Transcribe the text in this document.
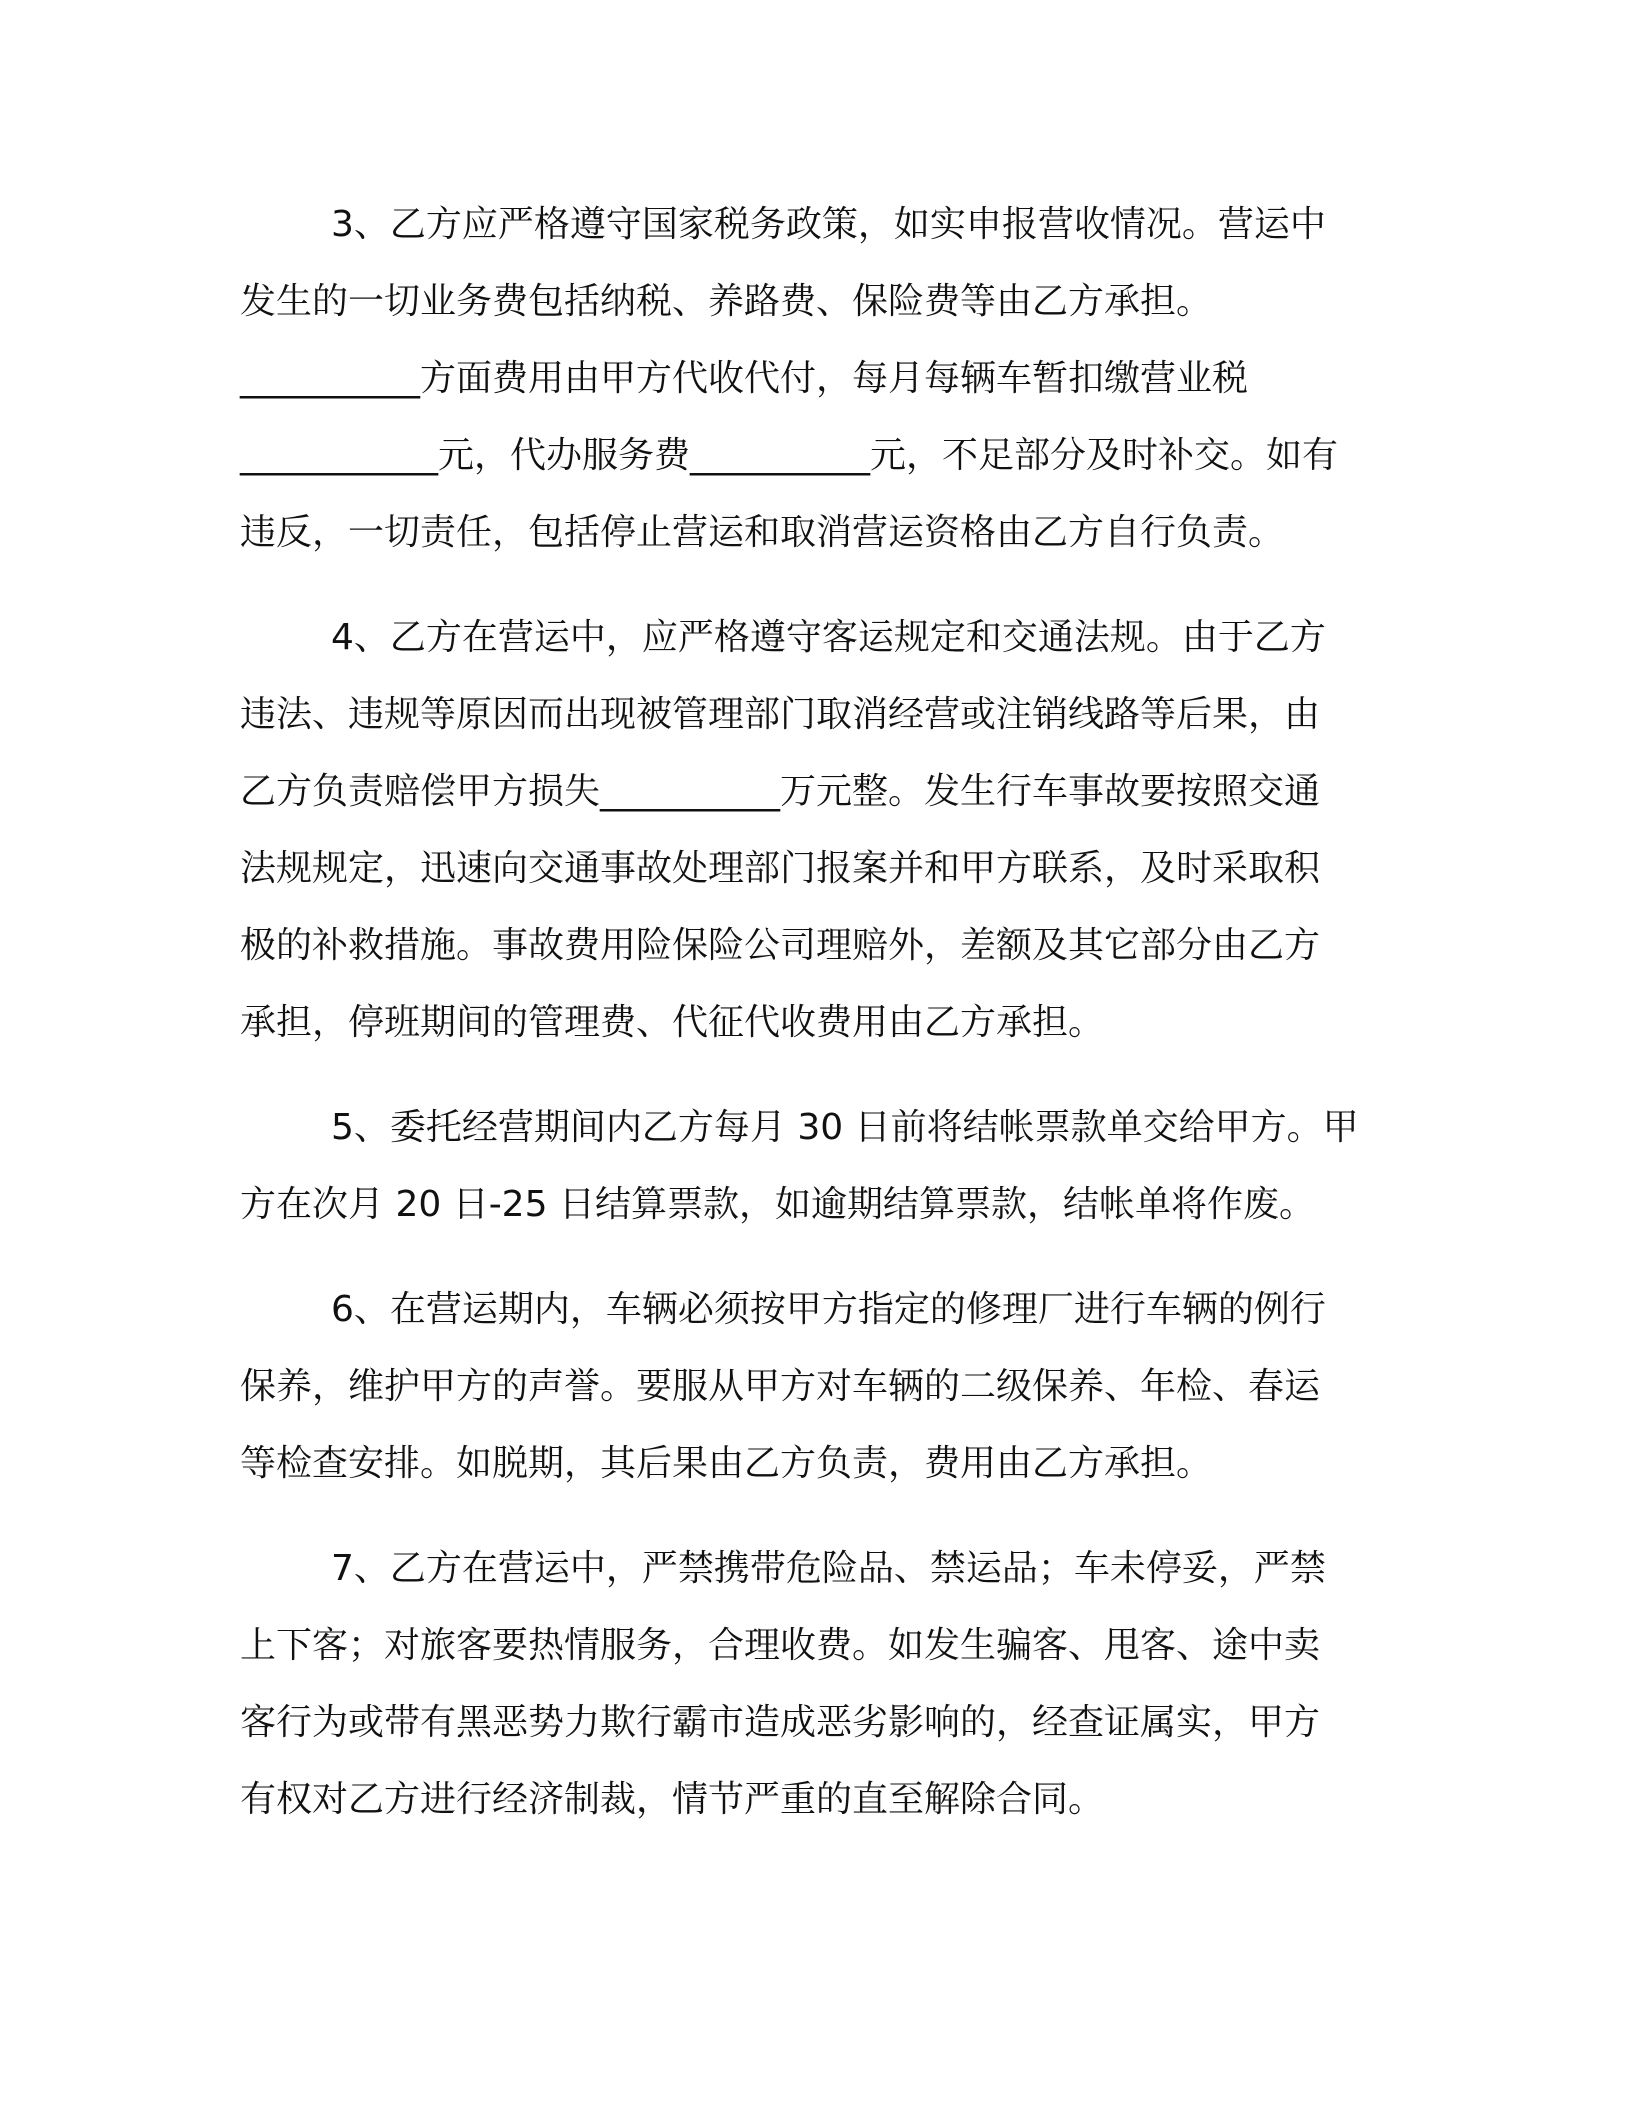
3、乙方应严格遵守国家税务政策，如实申报营收情况。营运中
发生的一切业务费包括纳税、养路费、保险费等由乙方承担。
__________方面费用由甲方代收代付，每月每辆车暂扣缴营业税
___________元，代办服务费__________元，不足部分及时补交。如有
违反，一切责任，包括停止营运和取消营运资格由乙方自行负责。
4、乙方在营运中，应严格遵守客运规定和交通法规。由于乙方
违法、违规等原因而出现被管理部门取消经营或注销线路等后果，由
乙方负责赔偿甲方损失__________万元整。发生行车事故要按照交通
法规规定，迅速向交通事故处理部门报案并和甲方联系，及时采取积
极的补救措施。事故费用险保险公司理赔外，差额及其它部分由乙方
承担，停班期间的管理费、代征代收费用由乙方承担。
5、委托经营期间内乙方每月 30 日前将结帐票款单交给甲方。甲
方在次月 20 日-25 日结算票款，如逾期结算票款，结帐单将作废。
6、在营运期内，车辆必须按甲方指定的修理厂进行车辆的例行
保养，维护甲方的声誉。要服从甲方对车辆的二级保养、年检、春运
等检查安排。如脱期，其后果由乙方负责，费用由乙方承担。
7、乙方在营运中，严禁携带危险品、禁运品；车未停妥，严禁
上下客；对旅客要热情服务，合理收费。如发生骗客、甩客、途中卖
客行为或带有黑恶势力欺行霸市造成恶劣影响的，经查证属实，甲方
有权对乙方进行经济制裁，情节严重的直至解除合同。
